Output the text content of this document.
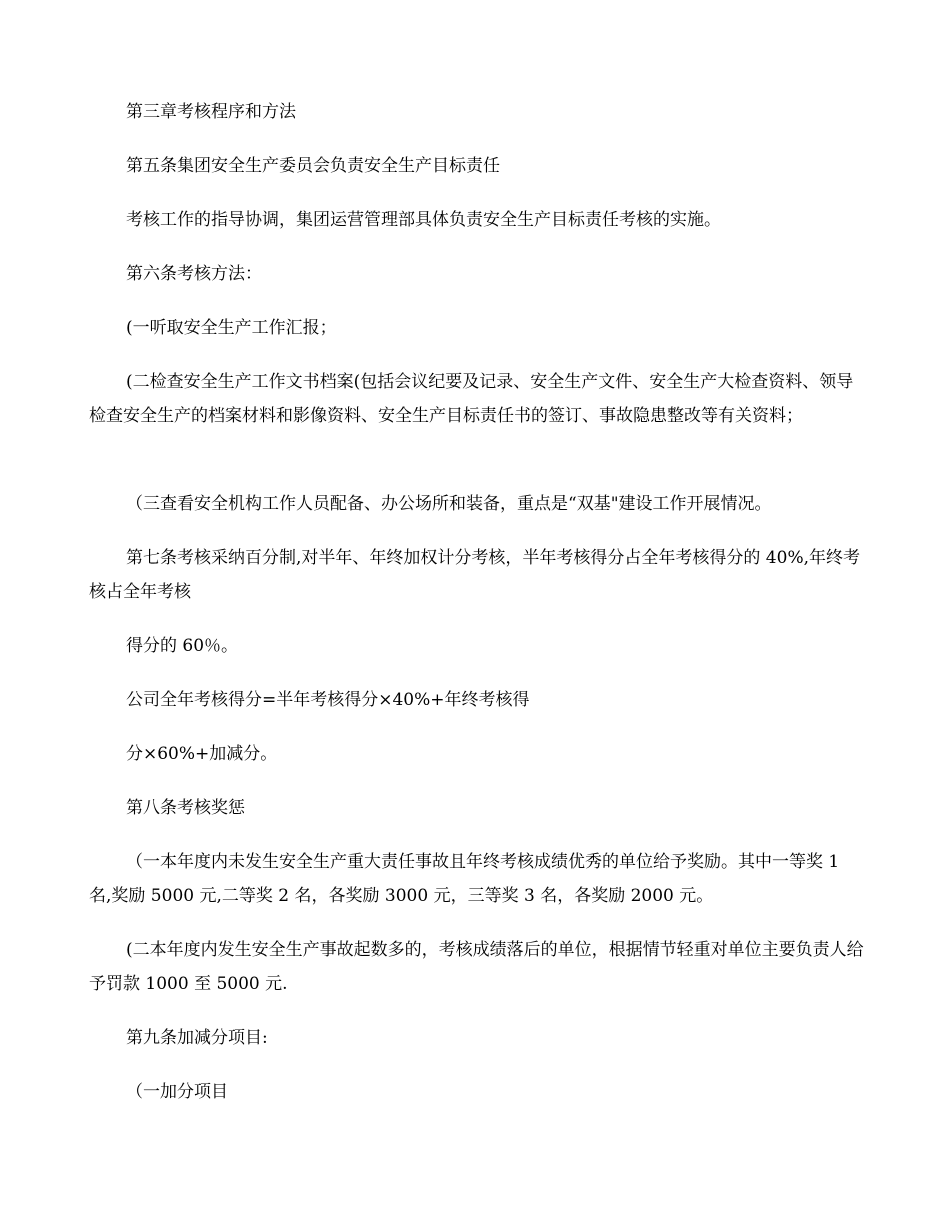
第三章考核程序和方法

第五条集团安全生产委员会负责安全生产目标责任

考核工作的指导协调，集团运营管理部具体负责安全生产目标责任考核的实施。

第六条考核方法：

(一听取安全生产工作汇报；

(二检查安全生产工作文书档案(包括会议纪要及记录、安全生产文件、安全生产大检查资料、领导检查安全生产的档案材料和影像资料、安全生产目标责任书的签订、事故隐患整改等有关资料；

（三查看安全机构工作人员配备、办公场所和装备，重点是“双基"建设工作开展情况。

第七条考核采纳百分制,对半年、年终加权计分考核，半年考核得分占全年考核得分的 40%,年终考核占全年考核

得分的 60％。

公司全年考核得分=半年考核得分×40%+年终考核得

分×60%+加减分。

第八条考核奖惩

（一本年度内未发生安全生产重大责任事故且年终考核成绩优秀的单位给予奖励。其中一等奖 1 名,奖励 5000 元,二等奖 2 名，各奖励 3000 元，三等奖 3 名，各奖励 2000 元。

(二本年度内发生安全生产事故起数多的，考核成绩落后的单位，根据情节轻重对单位主要负责人给予罚款 1000 至 5000 元.

第九条加减分项目:

（一加分项目
